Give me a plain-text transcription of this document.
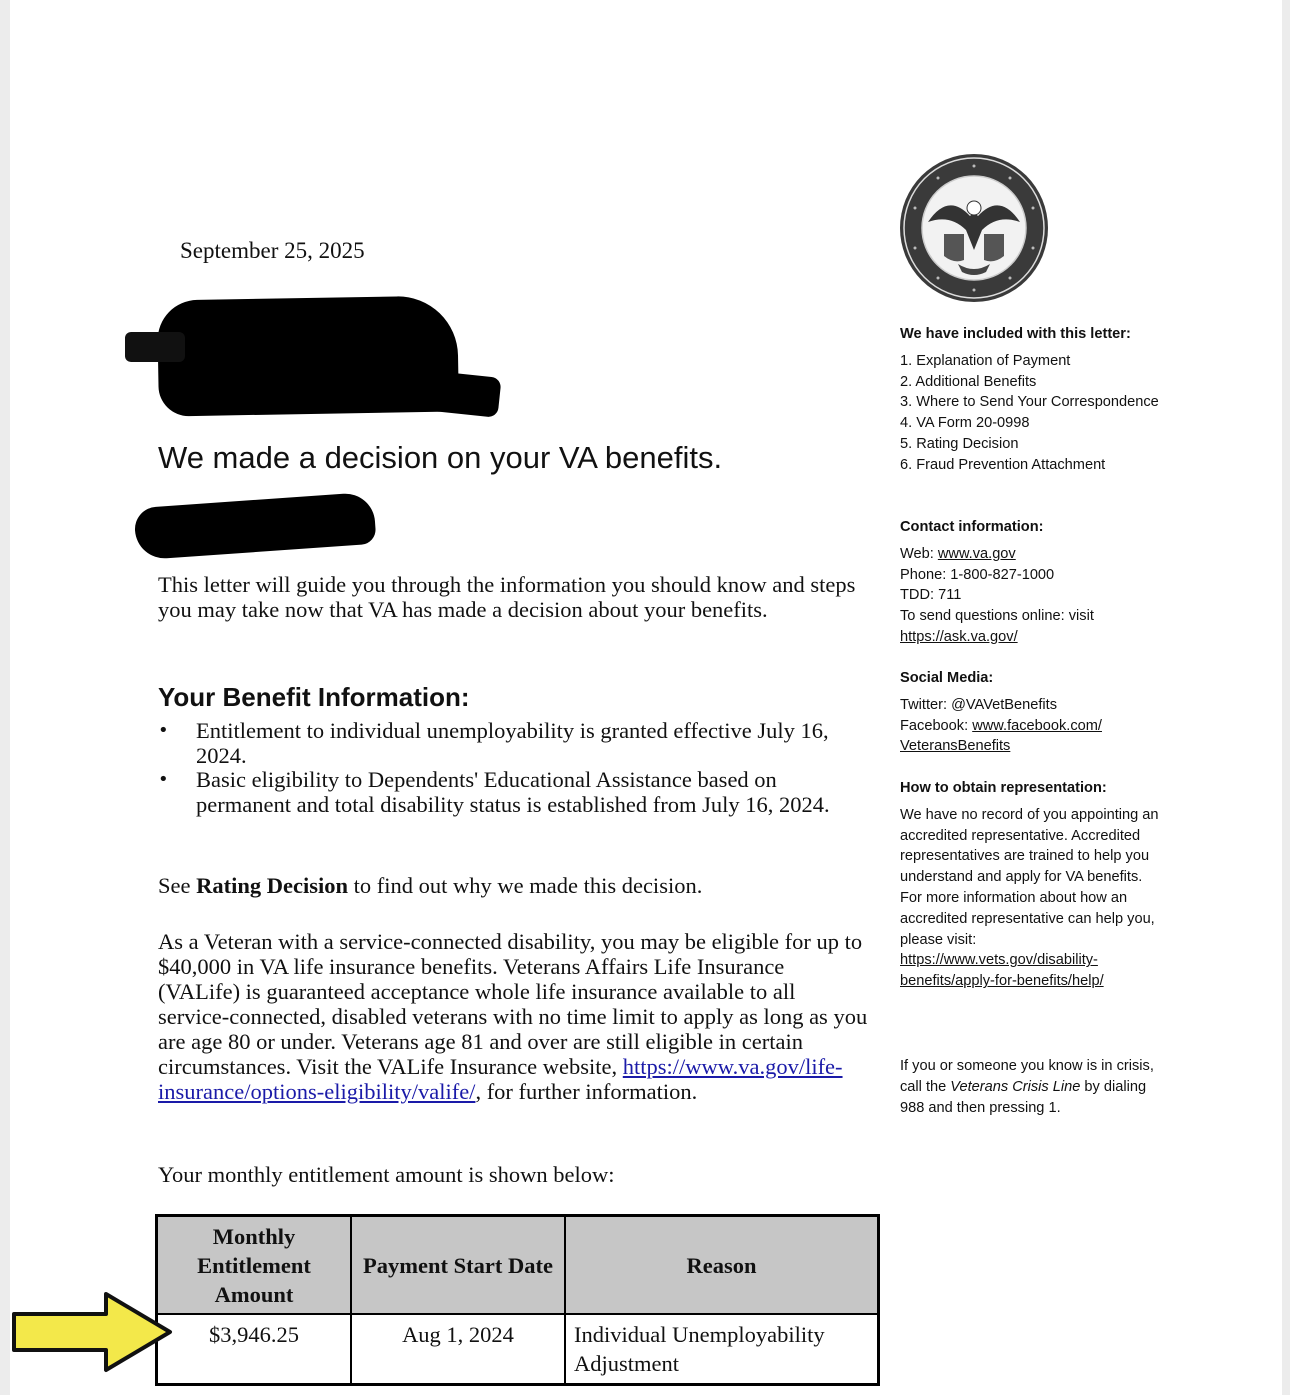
September 25, 2025
We made a decision on your VA benefits.

This letter will guide you through the information you should know and steps you may take now that VA has made a decision about your benefits.

Your Benefit Information:
• Entitlement to individual unemployability is granted effective July 16, 2024.
• Basic eligibility to Dependents' Educational Assistance based on permanent and total disability status is established from July 16, 2024.

See Rating Decision to find out why we made this decision.

As a Veteran with a service-connected disability, you may be eligible for up to $40,000 in VA life insurance benefits. Veterans Affairs Life Insurance (VALife) is guaranteed acceptance whole life insurance available to all service-connected, disabled veterans with no time limit to apply as long as you are age 80 or under. Veterans age 81 and over are still eligible in certain circumstances. Visit the VALife Insurance website, https://www.va.gov/life-insurance/options-eligibility/valife/, for further information.

Your monthly entitlement amount is shown below:

Monthly Entitlement Amount	Payment Start Date	Reason
$3,946.25	Aug 1, 2024	Individual Unemployability Adjustment
We have included with this letter:
1. Explanation of Payment
2. Additional Benefits
3. Where to Send Your Correspondence
4. VA Form 20-0998
5. Rating Decision
6. Fraud Prevention Attachment
Contact information:
Web: www.va.gov
Phone: 1-800-827-1000
TDD: 711
To send questions online: visit
https://ask.va.gov/
Social Media:
Twitter: @VAVetBenefits
Facebook: www.facebook.com/ VeteransBenefits
How to obtain representation:
We have no record of you appointing an accredited representative. Accredited representatives are trained to help you understand and apply for VA benefits. For more information about how an accredited representative can help you, please visit:
https://www.vets.gov/disability-benefits/apply-for-benefits/help/
If you or someone you know is in crisis, call the Veterans Crisis Line by dialing 988 and then pressing 1.
